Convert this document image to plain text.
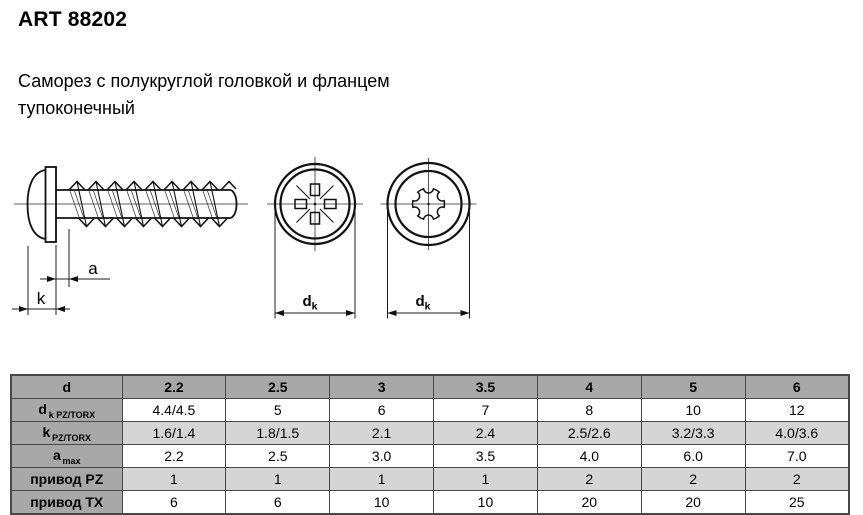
ART 88202

Саморез с полукруглой головкой и фланцем
тупоконечный

a
k	$d_k$	$d_k$
d	2.2	2.5	3	3.5	4	5	6
d $_{k PZ/TORX}$	4.4/4.5	5	6	7	8	10	12
k $_{PZ/TORX}$	1.6/1.4	1.8/1.5	2.1	2.4	2.5/2.6	3.2/3.3	4.0/3.6
a $_{max}$	2.2	2.5	3.0	3.5	4.0	6.0	7.0
привод PZ	1	1	1	1	2	2	2
привод TX	6	6	10	10	20	20	25
